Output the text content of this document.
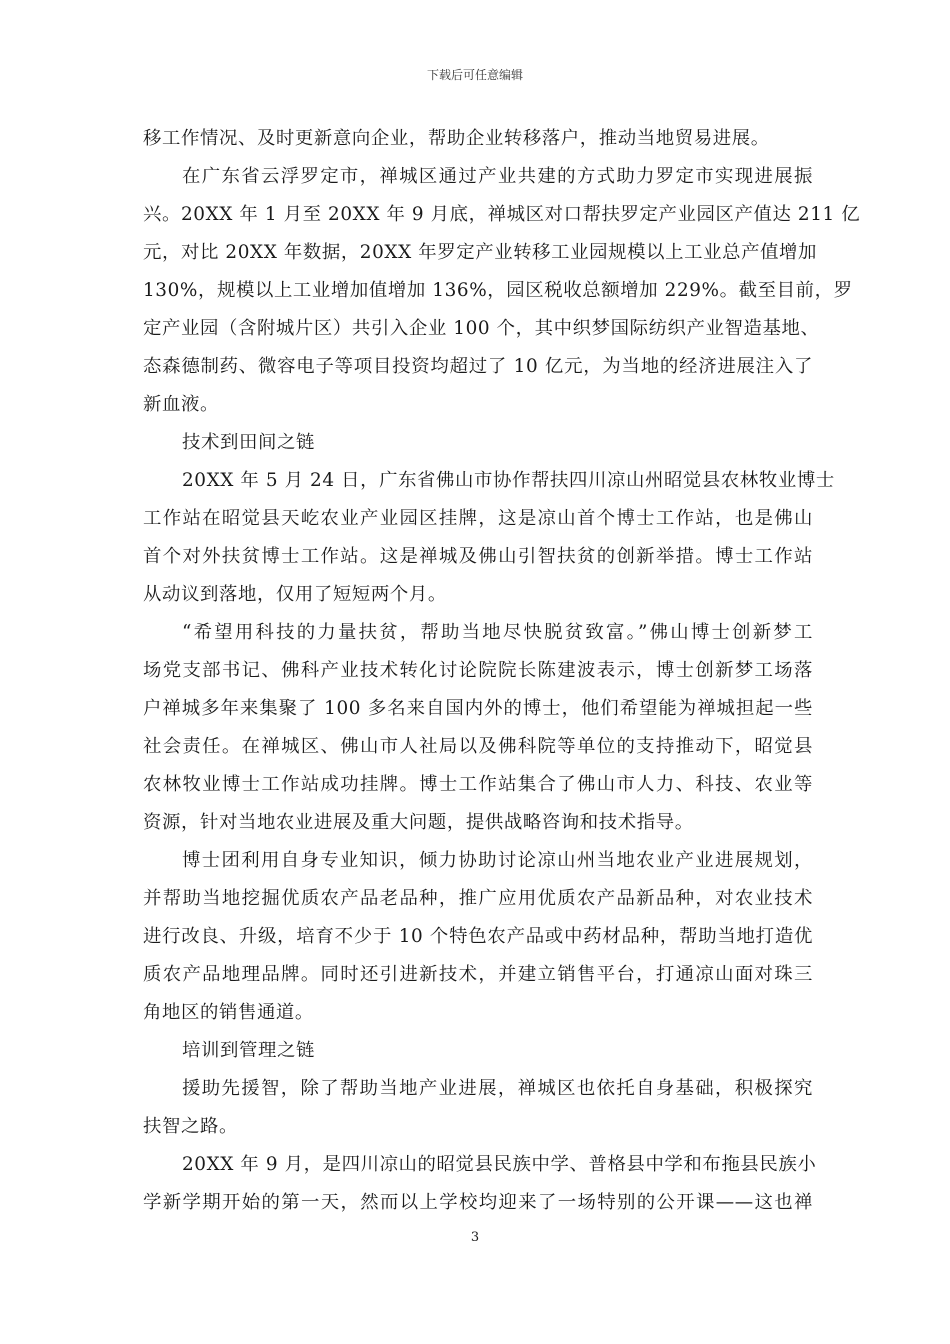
下载后可任意编辑
移工作情况、及时更新意向企业，帮助企业转移落户，推动当地贸易进展。
在广东省云浮罗定市，禅城区通过产业共建的方式助力罗定市实现进展振
兴。20XX 年 1 月至 20XX 年 9 月底，禅城区对口帮扶罗定产业园区产值达 211 亿
元，对比 20XX 年数据，20XX 年罗定产业转移工业园规模以上工业总产值增加
130%，规模以上工业增加值增加 136%，园区税收总额增加 229%。截至目前，罗
定产业园（含附城片区）共引入企业 100 个，其中织梦国际纺织产业智造基地、
态森德制药、微容电子等项目投资均超过了 10 亿元，为当地的经济进展注入了
新血液。
技术到田间之链
20XX 年 5 月 24 日，广东省佛山市协作帮扶四川凉山州昭觉县农林牧业博士
工作站在昭觉县天屹农业产业园区挂牌，这是凉山首个博士工作站，也是佛山
首个对外扶贫博士工作站。这是禅城及佛山引智扶贫的创新举措。博士工作站
从动议到落地，仅用了短短两个月。
“希望用科技的力量扶贫，帮助当地尽快脱贫致富。”佛山博士创新梦工
场党支部书记、佛科产业技术转化讨论院院长陈建波表示，博士创新梦工场落
户禅城多年来集聚了 100 多名来自国内外的博士，他们希望能为禅城担起一些
社会责任。在禅城区、佛山市人社局以及佛科院等单位的支持推动下，昭觉县
农林牧业博士工作站成功挂牌。博士工作站集合了佛山市人力、科技、农业等
资源，针对当地农业进展及重大问题，提供战略咨询和技术指导。
博士团利用自身专业知识，倾力协助讨论凉山州当地农业产业进展规划，
并帮助当地挖掘优质农产品老品种，推广应用优质农产品新品种，对农业技术
进行改良、升级，培育不少于 10 个特色农产品或中药材品种，帮助当地打造优
质农产品地理品牌。同时还引进新技术，并建立销售平台，打通凉山面对珠三
角地区的销售通道。
培训到管理之链
援助先援智，除了帮助当地产业进展，禅城区也依托自身基础，积极探究
扶智之路。
20XX 年 9 月，是四川凉山的昭觉县民族中学、普格县中学和布拖县民族小
学新学期开始的第一天，然而以上学校均迎来了一场特别的公开课——这也禅
3
